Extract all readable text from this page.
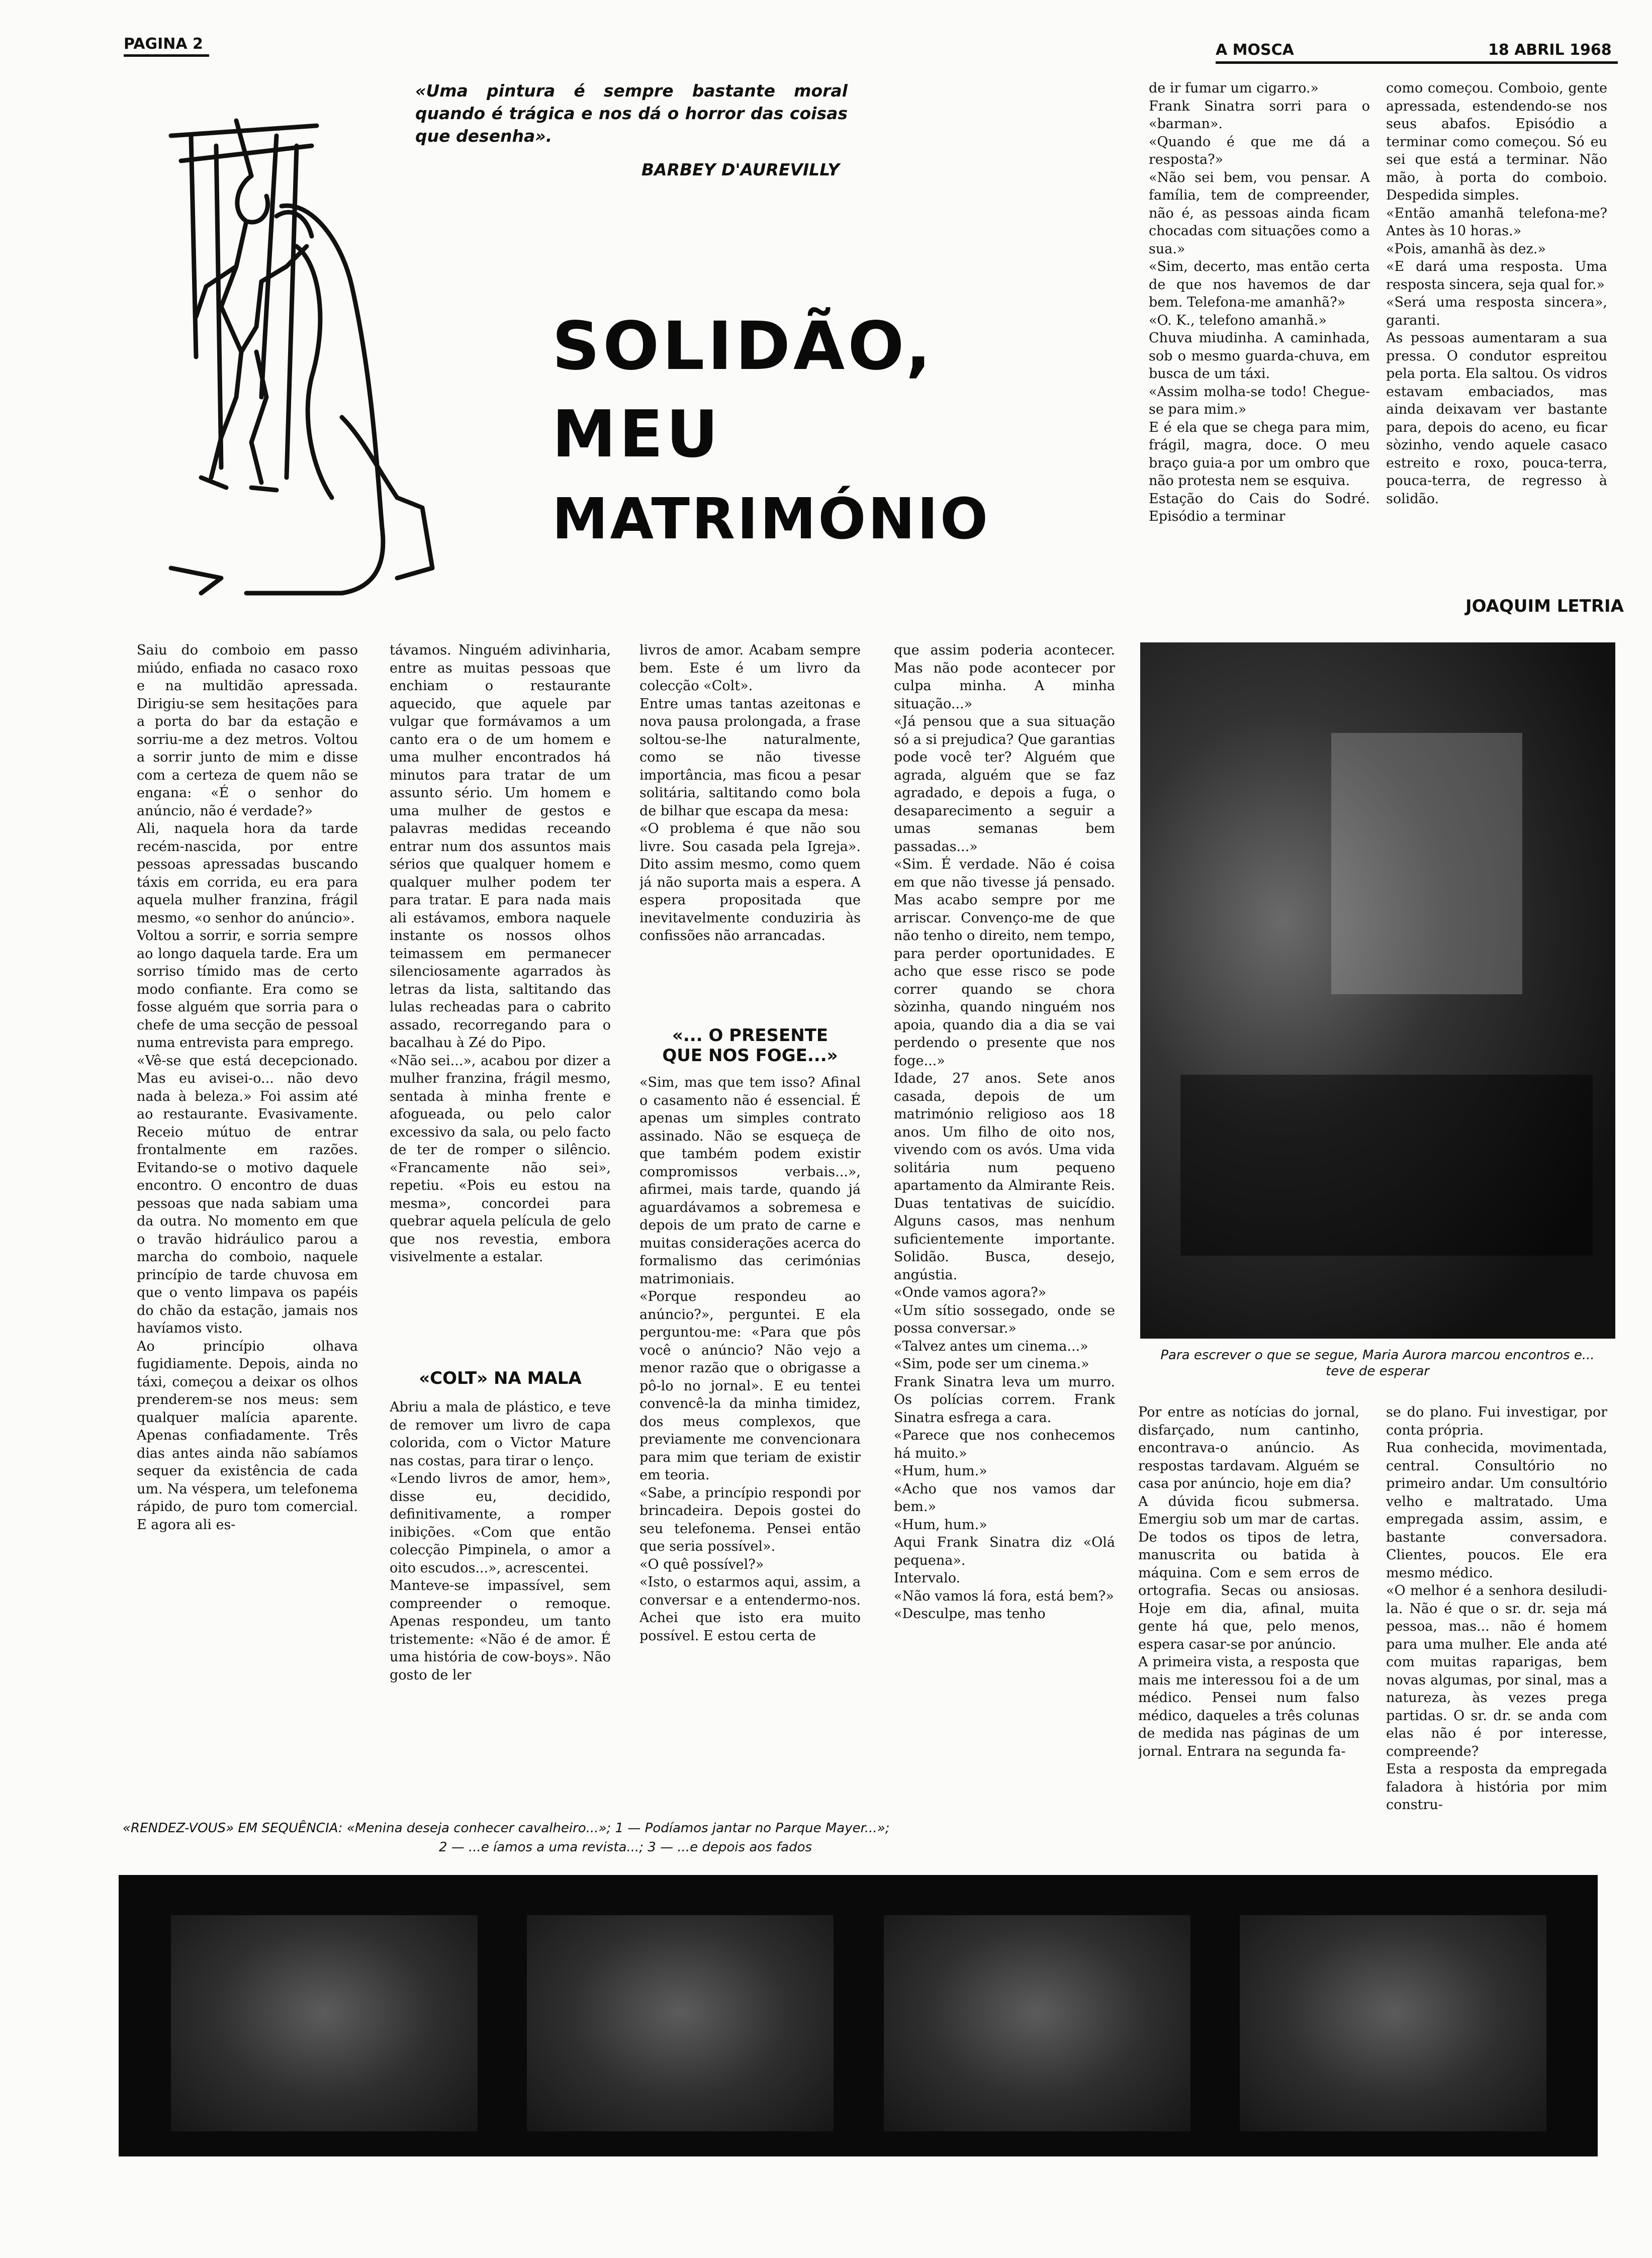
PAGINA 2	A MOSCA	18 ABRIL 1968
«Uma pintura é sempre bastante moral quando é trágica e nos dá o horror das coisas que desenha».
BARBEY D'AUREVILLY
SOLIDÃO,
MEU
MATRIMÓNIO
Saiu do comboio em passo miúdo, enfiada no casaco roxo e na multidão apressada. Dirigiu-se sem hesitações para a porta do bar da estação e sorriu-me a dez metros. Voltou a sorrir junto de mim e disse com a certeza de quem não se engana: «É o senhor do anúncio, não é verdade?»
Ali, naquela hora da tarde recém-nascida, por entre pessoas apressadas buscando táxis em corrida, eu era para aquela mulher franzina, frágil mesmo, «o senhor do anúncio».
Voltou a sorrir, e sorria sempre ao longo daquela tarde. Era um sorriso tímido mas de certo modo confiante. Era como se fosse alguém que sorria para o chefe de uma secção de pessoal numa entrevista para emprego.
«Vê-se que está decepcionado. Mas eu avisei-o... não devo nada à beleza.» Foi assim até ao restaurante. Evasivamente. Receio mútuo de entrar frontalmente em razões. Evitando-se o motivo daquele encontro. O encontro de duas pessoas que nada sabiam uma da outra. No momento em que o travão hidráulico parou a marcha do comboio, naquele princípio de tarde chuvosa em que o vento limpava os papéis do chão da estação, jamais nos havíamos visto.
Ao princípio olhava fugidiamente. Depois, ainda no táxi, começou a deixar os olhos prenderem-se nos meus: sem qualquer malícia aparente. Apenas confiadamente. Três dias antes ainda não sabíamos sequer da existência de cada um. Na véspera, um telefonema rápido, de puro tom comercial. E agora ali es-
távamos. Ninguém adivinharia, entre as muitas pessoas que enchiam o restaurante aquecido, que aquele par vulgar que formávamos a um canto era o de um homem e uma mulher encontrados há minutos para tratar de um assunto sério. Um homem e uma mulher de gestos e palavras medidas receando entrar num dos assuntos mais sérios que qualquer homem e qualquer mulher podem ter para tratar. E para nada mais ali estávamos, embora naquele instante os nossos olhos teimassem em permanecer silenciosamente agarrados às letras da lista, saltitando das lulas recheadas para o cabrito assado, recorregando para o bacalhau à Zé do Pipo.
«Não sei...», acabou por dizer a mulher franzina, frágil mesmo, sentada à minha frente e afogueada, ou pelo calor excessivo da sala, ou pelo facto de ter de romper o silêncio. «Francamente não sei», repetiu. «Pois eu estou na mesma», concordei para quebrar aquela película de gelo que nos revestia, embora visivelmente a estalar.
«COLT» NA MALA
Abriu a mala de plástico, e teve de remover um livro de capa colorida, com o Victor Mature nas costas, para tirar o lenço.
«Lendo livros de amor, hem», disse eu, decidido, definitivamente, a romper inibições. «Com que então colecção Pimpinela, o amor a oito escudos...», acrescentei.
Manteve-se impassível, sem compreender o remoque. Apenas respondeu, um tanto tristemente: «Não é de amor. É uma história de cow-boys». Não gosto de ler
livros de amor. Acabam sempre bem. Este é um livro da colecção «Colt».
Entre umas tantas azeitonas e nova pausa prolongada, a frase soltou-se-lhe naturalmente, como se não tivesse importância, mas ficou a pesar solitária, saltitando como bola de bilhar que escapa da mesa:
«O problema é que não sou livre. Sou casada pela Igreja». Dito assim mesmo, como quem já não suporta mais a espera. A espera propositada que inevitavelmente conduziria às confissões não arrancadas.
«... O PRESENTE
QUE NOS FOGE...»
«Sim, mas que tem isso? Afinal o casamento não é essencial. É apenas um simples contrato assinado. Não se esqueça de que também podem existir compromissos verbais...», afirmei, mais tarde, quando já aguardávamos a sobremesa e depois de um prato de carne e muitas considerações acerca do formalismo das cerimónias matrimoniais.
«Porque respondeu ao anúncio?», perguntei. E ela perguntou-me: «Para que pôs você o anúncio? Não vejo a menor razão que o obrigasse a pô-lo no jornal». E eu tentei convencê-la da minha timidez, dos meus complexos, que previamente me convencionara para mim que teriam de existir em teoria.
«Sabe, a princípio respondi por brincadeira. Depois gostei do seu telefonema. Pensei então que seria possível».
«O quê possível?»
«Isto, o estarmos aqui, assim, a conversar e a entendermo-nos. Achei que isto era muito possível. E estou certa de
que assim poderia acontecer. Mas não pode acontecer por culpa minha. A minha situação...»
«Já pensou que a sua situação só a si prejudica? Que garantias pode você ter? Alguém que agrada, alguém que se faz agradado, e depois a fuga, o desaparecimento a seguir a umas semanas bem passadas...»
«Sim. É verdade. Não é coisa em que não tivesse já pensado. Mas acabo sempre por me arriscar. Convenço-me de que não tenho o direito, nem tempo, para perder oportunidades. E acho que esse risco se pode correr quando se chora sòzinha, quando ninguém nos apoia, quando dia a dia se vai perdendo o presente que nos foge...»
Idade, 27 anos. Sete anos casada, depois de um matrimónio religioso aos 18 anos. Um filho de oito nos, vivendo com os avós. Uma vida solitária num pequeno apartamento da Almirante Reis. Duas tentativas de suicídio. Alguns casos, mas nenhum suficientemente importante. Solidão. Busca, desejo, angústia.
«Onde vamos agora?»
«Um sítio sossegado, onde se possa conversar.»
«Talvez antes um cinema...»
«Sim, pode ser um cinema.»
Frank Sinatra leva um murro. Os polícias correm. Frank Sinatra esfrega a cara.
«Parece que nos conhecemos há muito.»
«Hum, hum.»
«Acho que nos vamos dar bem.»
«Hum, hum.»
Aqui Frank Sinatra diz «Olá pequena».
Intervalo.
«Não vamos lá fora, está bem?»
«Desculpe, mas tenho
de ir fumar um cigarro.»
Frank Sinatra sorri para o «barman».
«Quando é que me dá a resposta?»
«Não sei bem, vou pensar. A família, tem de compreender, não é, as pessoas ainda ficam chocadas com situações como a sua.»
«Sim, decerto, mas então certa de que nos havemos de dar bem. Telefona-me amanhã?»
«O. K., telefono amanhã.»
Chuva miudinha. A caminhada, sob o mesmo guarda-chuva, em busca de um táxi.
«Assim molha-se todo! Chegue-se para mim.»
E é ela que se chega para mim, frágil, magra, doce. O meu braço guia-a por um ombro que não protesta nem se esquiva.
Estação do Cais do Sodré. Episódio a terminar
como começou. Comboio, gente apressada, estendendo-se nos seus abafos. Episódio a terminar como começou. Só eu sei que está a terminar. Não mão, à porta do comboio. Despedida simples.
«Então amanhã telefona-me? Antes às 10 horas.»
«Pois, amanhã às dez.»
«E dará uma resposta. Uma resposta sincera, seja qual for.»
«Será uma resposta sincera», garanti.
As pessoas aumentaram a sua pressa. O condutor espreitou pela porta. Ela saltou. Os vidros estavam embaciados, mas ainda deixavam ver bastante para, depois do aceno, eu ficar sòzinho, vendo aquele casaco estreito e roxo, pouca-terra, pouca-terra, de regresso à solidão.
JOAQUIM LETRIA
Para escrever o que se segue, Maria Aurora marcou encontros e... teve de esperar
Por entre as notícias do jornal, disfarçado, num cantinho, encontrava-o anúncio. As respostas tardavam. Alguém se casa por anúncio, hoje em dia?
A dúvida ficou submersa. Emergiu sob um mar de cartas. De todos os tipos de letra, manuscrita ou batida à máquina. Com e sem erros de ortografia. Secas ou ansiosas. Hoje em dia, afinal, muita gente há que, pelo menos, espera casar-se por anúncio.
A primeira vista, a resposta que mais me interessou foi a de um médico. Pensei num falso médico, daqueles a três colunas de medida nas páginas de um jornal. Entrara na segunda fa-
se do plano. Fui investigar, por conta própria.
Rua conhecida, movimentada, central. Consultório no primeiro andar. Um consultório velho e maltratado. Uma empregada assim, assim, e bastante conversadora. Clientes, poucos. Ele era mesmo médico.
«O melhor é a senhora desiludi-la. Não é que o sr. dr. seja má pessoa, mas... não é homem para uma mulher. Ele anda até com muitas raparigas, bem novas algumas, por sinal, mas a natureza, às vezes prega partidas. O sr. dr. se anda com elas não é por interesse, compreende?
Esta a resposta da empregada faladora à história por mim constru-
«RENDEZ-VOUS» EM SEQUÊNCIA: «Menina deseja conhecer cavalheiro...»; 1 — Podíamos jantar no Parque Mayer...»;
2 — ...e íamos a uma revista...; 3 — ...e depois aos fados
